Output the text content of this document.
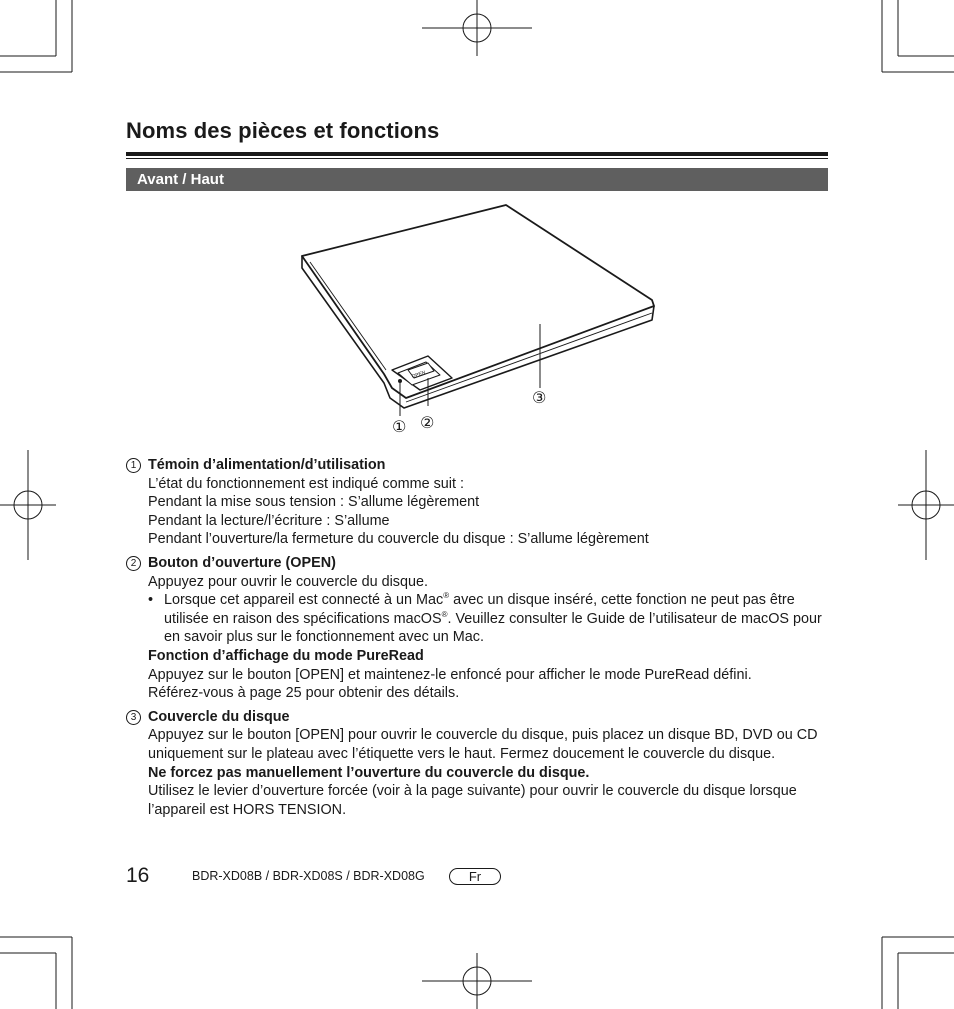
Noms des pièces et fonctions
Avant / Haut
OPEN
① ②
③
1 Témoin d’alimentation/d’utilisation
L’état du fonctionnement est indiqué comme suit :
Pendant la mise sous tension : S’allume légèrement
Pendant la lecture/l’écriture : S’allume
Pendant l’ouverture/la fermeture du couvercle du disque : S’allume légèrement
2 Bouton d’ouverture (OPEN)
Appuyez pour ouvrir le couvercle du disque.
• Lorsque cet appareil est connecté à un Mac® avec un disque inséré, cette fonction ne peut pas être utilisée en raison des spécifications macOS®. Veuillez consulter le Guide de l’utilisateur de macOS pour en savoir plus sur le fonctionnement avec un Mac.
Fonction d’affichage du mode PureRead
Appuyez sur le bouton [OPEN] et maintenez-le enfoncé pour afficher le mode PureRead défini.
Référez-vous à page 25 pour obtenir des détails.
3 Couvercle du disque
Appuyez sur le bouton [OPEN] pour ouvrir le couvercle du disque, puis placez un disque BD, DVD ou CD uniquement sur le plateau avec l’étiquette vers le haut. Fermez doucement le couvercle du disque.
Ne forcez pas manuellement l’ouverture du couvercle du disque.
Utilisez le levier d’ouverture forcée (voir à la page suivante) pour ouvrir le couvercle du disque lorsque l’appareil est HORS TENSION.
16	BDR-XD08B / BDR-XD08S / BDR-XD08G	Fr
